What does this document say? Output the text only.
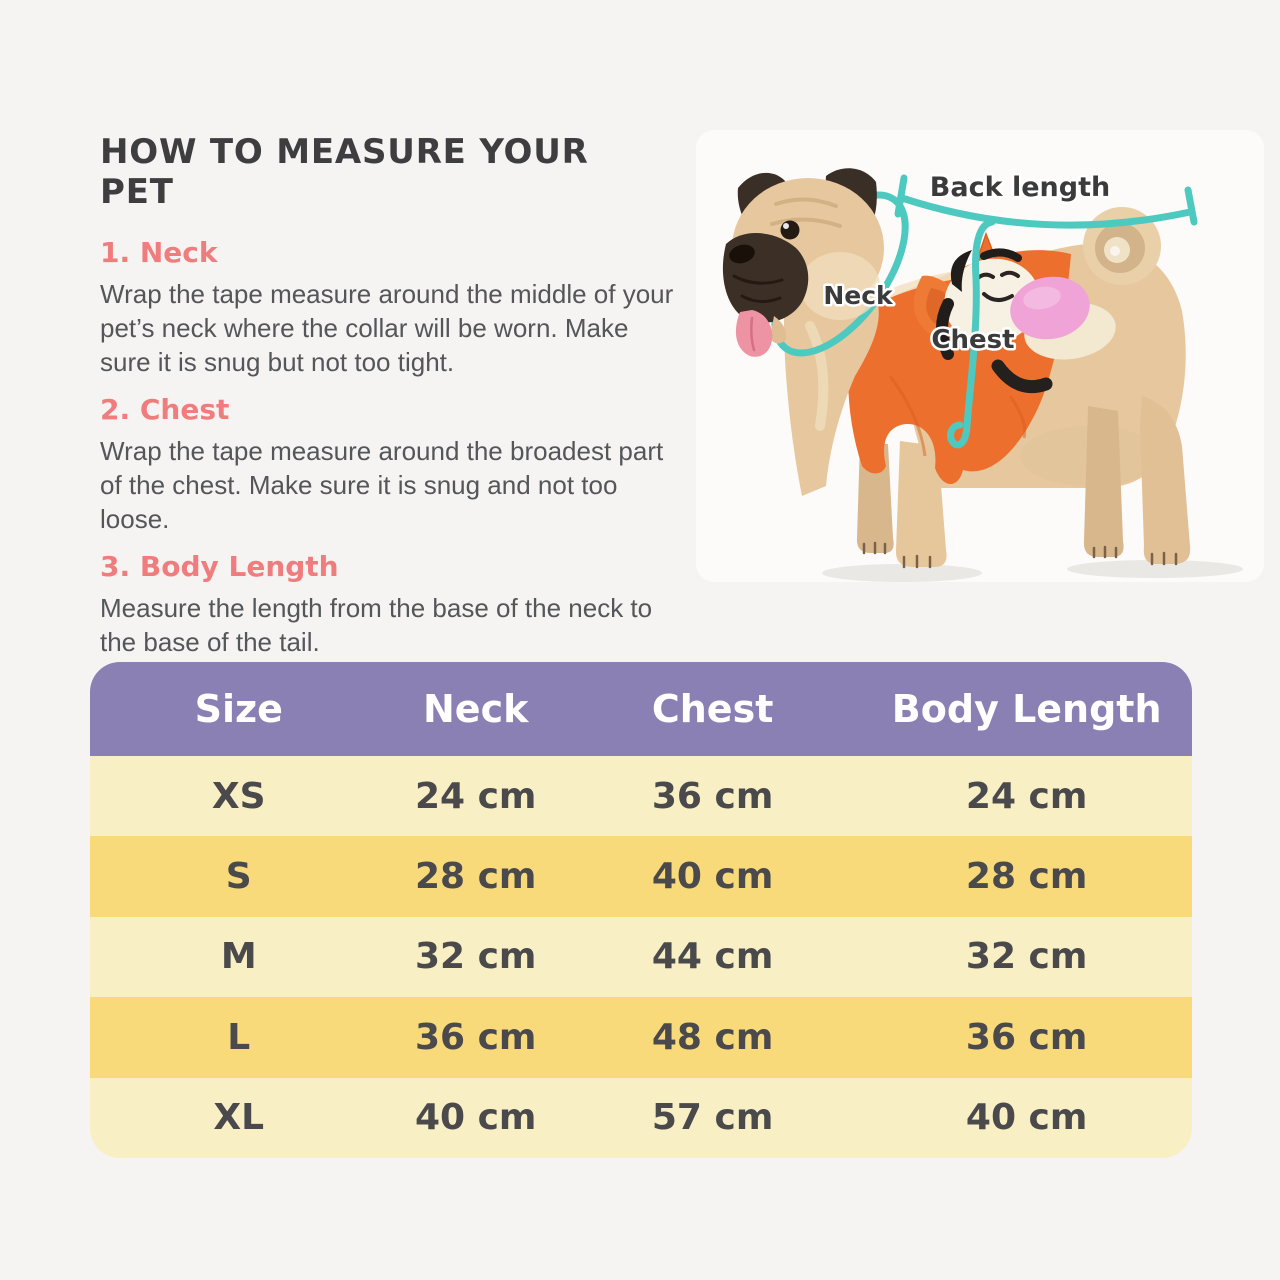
HOW TO MEASURE YOUR PET
1. Neck

Wrap the tape measure around the middle of your pet’s neck where the collar will be worn. Make sure it is snug but not too tight.

2. Chest

Wrap the tape measure around the broadest part of the chest. Make sure it is snug and not too loose.

3. Body Length

Measure the length from the base of the neck to the base of the tail.

Back length
Neck
Chest
Size	Neck	Chest	Body Length
XS	24 cm	36 cm	24 cm
S	28 cm	40 cm	28 cm
M	32 cm	44 cm	32 cm
L	36 cm	48 cm	36 cm
XL	40 cm	57 cm	40 cm
